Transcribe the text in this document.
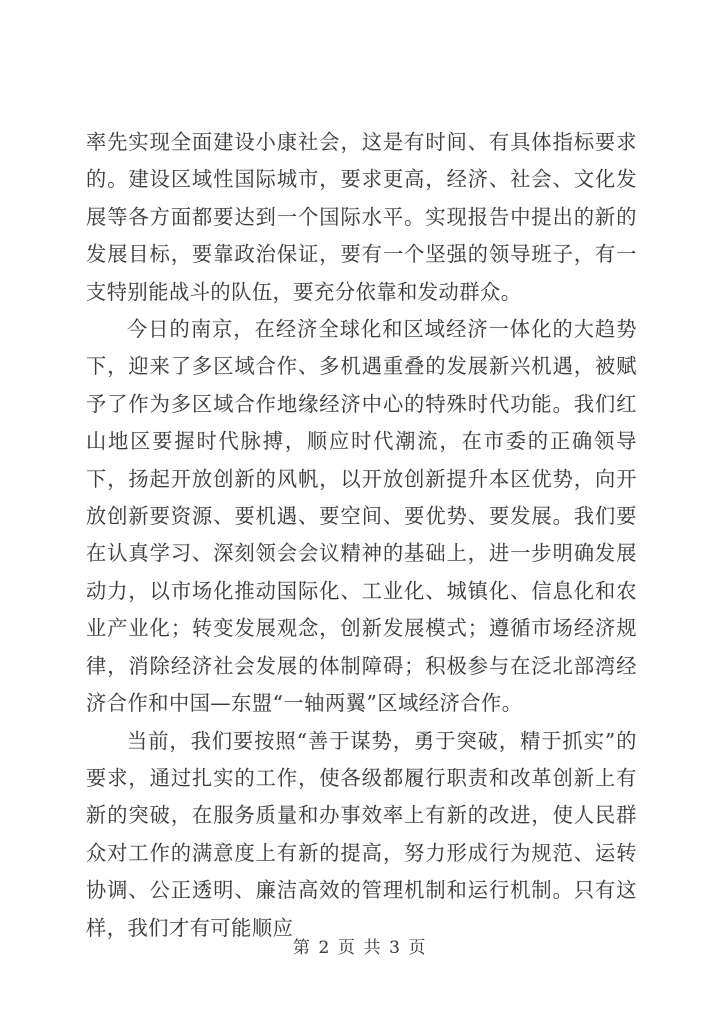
率先实现全面建设小康社会，这是有时间、有具体指标要求的。建设区域性国际城市，要求更高，经济、社会、文化发展等各方面都要达到一个国际水平。实现报告中提出的新的发展目标，要靠政治保证，要有一个坚强的领导班子，有一支特别能战斗的队伍，要充分依靠和发动群众。

今日的南京，在经济全球化和区域经济一体化的大趋势下，迎来了多区域合作、多机遇重叠的发展新兴机遇，被赋予了作为多区域合作地缘经济中心的特殊时代功能。我们红山地区要握时代脉搏，顺应时代潮流，在市委的正确领导下，扬起开放创新的风帆，以开放创新提升本区优势，向开放创新要资源、要机遇、要空间、要优势、要发展。我们要在认真学习、深刻领会会议精神的基础上，进一步明确发展动力，以市场化推动国际化、工业化、城镇化、信息化和农业产业化；转变发展观念，创新发展模式；遵循市场经济规律，消除经济社会发展的体制障碍；积极参与在泛北部湾经济合作和中国—东盟“一轴两翼”区域经济合作。

当前，我们要按照“善于谋势，勇于突破，精于抓实”的要求，通过扎实的工作，使各级都履行职责和改革创新上有新的突破，在服务质量和办事效率上有新的改进，使人民群众对工作的满意度上有新的提高，努力形成行为规范、运转协调、公正透明、廉洁高效的管理机制和运行机制。只有这样，我们才有可能顺应

第 2 页 共 3 页
